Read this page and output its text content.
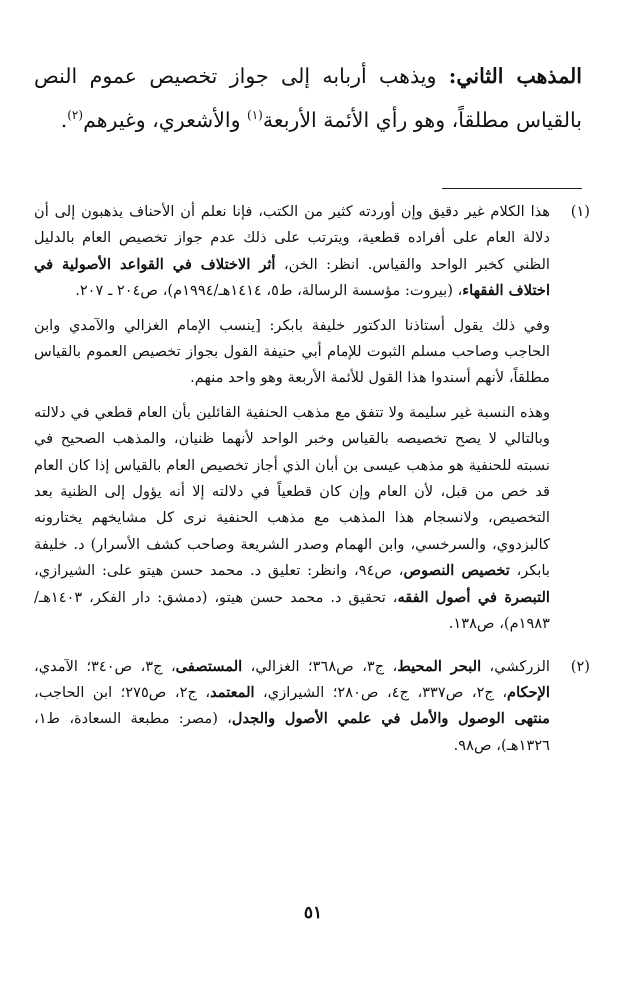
المذهب الثاني: ويذهب أربابه إلى جواز تخصيص عموم النص بالقياس مطلقاً، وهو رأي الأئمة الأربعة$^{(١)}$ والأشعري، وغيرهم$^{(٢)}$.
(١)

هذا الكلام غير دقيق وإن أوردته كثير من الكتب، فإنا نعلم أن الأحناف يذهبون إلى أن دلالة العام على أفراده قطعية، ويترتب على ذلك عدم جواز تخصيص العام بالدليل الظني كخبر الواحد والقياس. انظر: الخن، أثر الاختلاف في القواعد الأصولية في اختلاف الفقهاء، (بيروت: مؤسسة الرسالة، ط٥، ١٤١٤هـ/١٩٩٤م)، ص٢٠٤ ـ ٢٠٧.

وفي ذلك يقول أستاذنا الدكتور خليفة بابكر: [ينسب الإمام الغزالي والآمدي وابن الحاجب وصاحب مسلم الثبوت للإمام أبي حنيفة القول بجواز تخصيص العموم بالقياس مطلقاً، لأنهم أسندوا هذا القول للأئمة الأربعة وهو واحد منهم.

وهذه النسبة غير سليمة ولا تتفق مع مذهب الحنفية القائلين بأن العام قطعي في دلالته وبالتالي لا يصح تخصيصه بالقياس وخبر الواحد لأنهما ظنيان، والمذهب الصحيح في نسبته للحنفية هو مذهب عيسى بن أبان الذي أجاز تخصيص العام بالقياس إذا كان العام قد خص من قبل، لأن العام وإن كان قطعياً في دلالته إلا أنه يؤول إلى الظنية بعد التخصيص، ولانسجام هذا المذهب مع مذهب الحنفية نرى كل مشايخهم يختارونه كالبزدوي، والسرخسي، وابن الهمام وصدر الشريعة وصاحب كشف الأسرار) د. خليفة بابكر، تخصيص النصوص، ص٩٤، وانظر: تعليق د. محمد حسن هيتو على: الشيرازي، التبصرة في أصول الفقه، تحقيق د. محمد حسن هيتو، (دمشق: دار الفكر، ١٤٠٣هـ/١٩٨٣م)، ص١٣٨.

(٢)

الزركشي، البحر المحيط، ج٣، ص٣٦٨؛ الغزالي، المستصفى، ج٣، ص٣٤٠؛ الآمدي، الإحكام، ج٢، ص٣٣٧، ج٤، ص٢٨٠؛ الشيرازي، المعتمد، ج٢، ص٢٧٥؛ ابن الحاجب، منتهى الوصول والأمل في علمي الأصول والجدل، (مصر: مطبعة السعادة، ط١، ١٣٢٦هـ)، ص٩٨.

٥١
